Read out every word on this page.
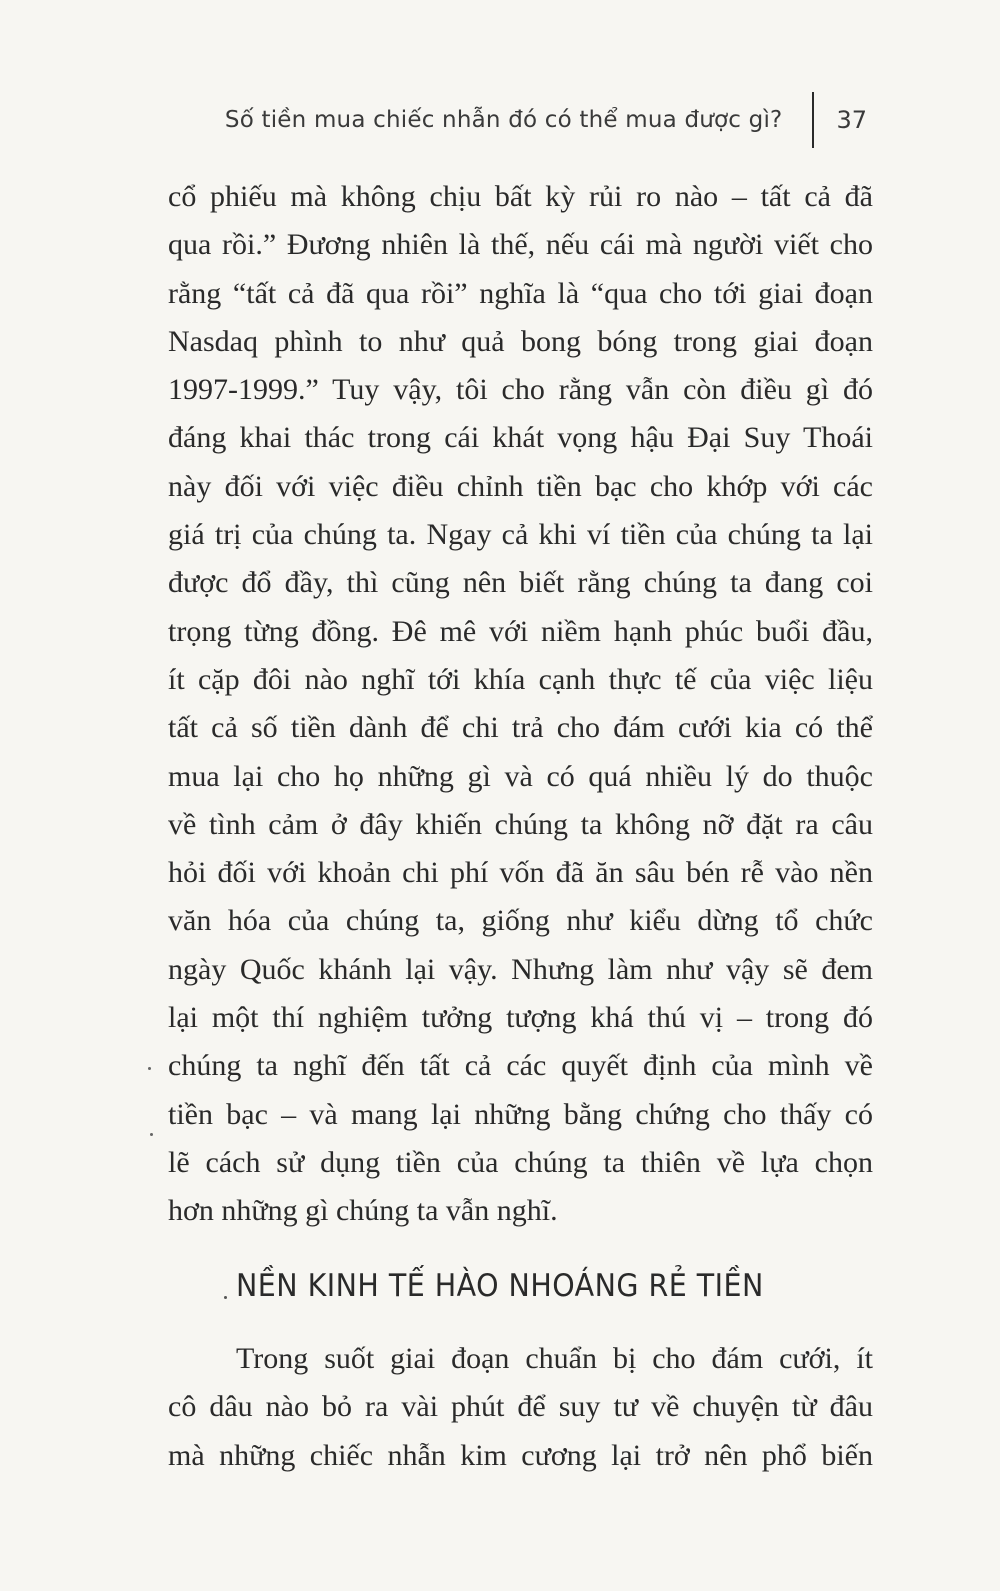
Số tiền mua chiếc nhẫn đó có thể mua được gì? 37
cổ phiếu mà không chịu bất kỳ rủi ro nào – tất cả đã
qua rồi.” Đương nhiên là thế, nếu cái mà người viết cho
rằng “tất cả đã qua rồi” nghĩa là “qua cho tới giai đoạn
Nasdaq phình to như quả bong bóng trong giai đoạn
1997-1999.” Tuy vậy, tôi cho rằng vẫn còn điều gì đó
đáng khai thác trong cái khát vọng hậu Đại Suy Thoái
này đối với việc điều chỉnh tiền bạc cho khớp với các
giá trị của chúng ta. Ngay cả khi ví tiền của chúng ta lại
được đổ đầy, thì cũng nên biết rằng chúng ta đang coi
trọng từng đồng. Đê mê với niềm hạnh phúc buổi đầu,
ít cặp đôi nào nghĩ tới khía cạnh thực tế của việc liệu
tất cả số tiền dành để chi trả cho đám cưới kia có thể
mua lại cho họ những gì và có quá nhiều lý do thuộc
về tình cảm ở đây khiến chúng ta không nỡ đặt ra câu
hỏi đối với khoản chi phí vốn đã ăn sâu bén rễ vào nền
văn hóa của chúng ta, giống như kiểu dừng tổ chức
ngày Quốc khánh lại vậy. Nhưng làm như vậy sẽ đem
lại một thí nghiệm tưởng tượng khá thú vị – trong đó
chúng ta nghĩ đến tất cả các quyết định của mình về
tiền bạc – và mang lại những bằng chứng cho thấy có
lẽ cách sử dụng tiền của chúng ta thiên về lựa chọn
hơn những gì chúng ta vẫn nghĩ.
NỀN KINH TẾ HÀO NHOÁNG RẺ TIỀN
Trong suốt giai đoạn chuẩn bị cho đám cưới, ít
cô dâu nào bỏ ra vài phút để suy tư về chuyện từ đâu
mà những chiếc nhẫn kim cương lại trở nên phổ biến
